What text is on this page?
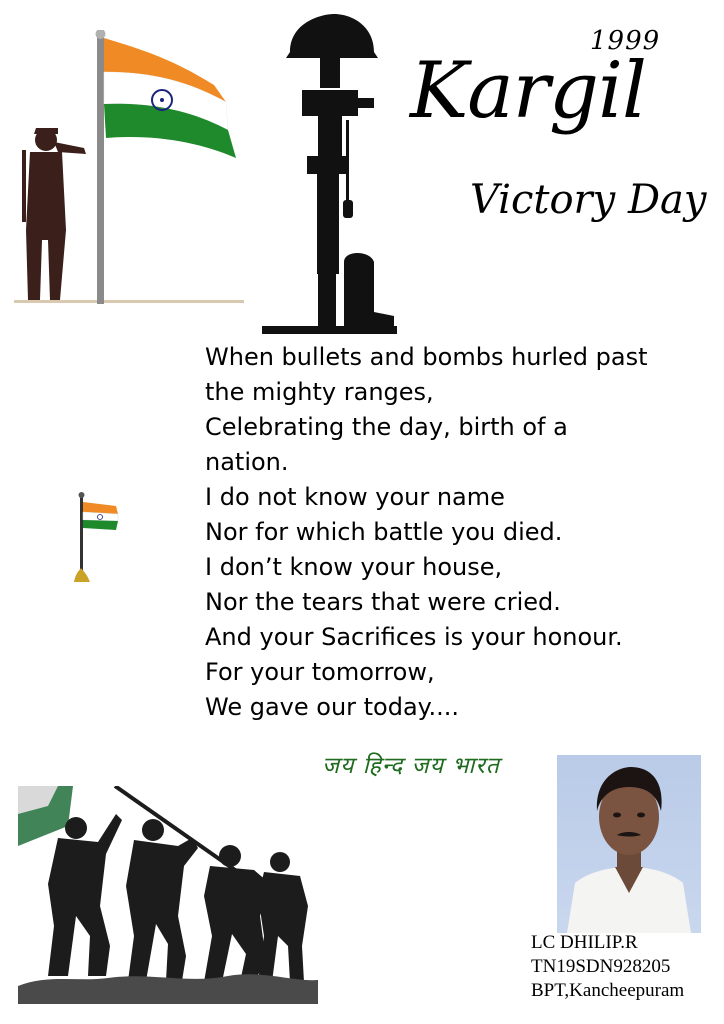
1999
Kargil
Victory Day
When bullets and bombs hurled past
the mighty ranges,
Celebrating the day, birth of a
nation.
I do not know your name
Nor for which battle you died.
I don’t know your house,
Nor the tears that were cried.
And your Sacrifices is your honour.
For your tomorrow,
We gave our today....
जय हिन्द जय भारत
LC DHILIP.R
TN19SDN928205
BPT,Kancheepuram
